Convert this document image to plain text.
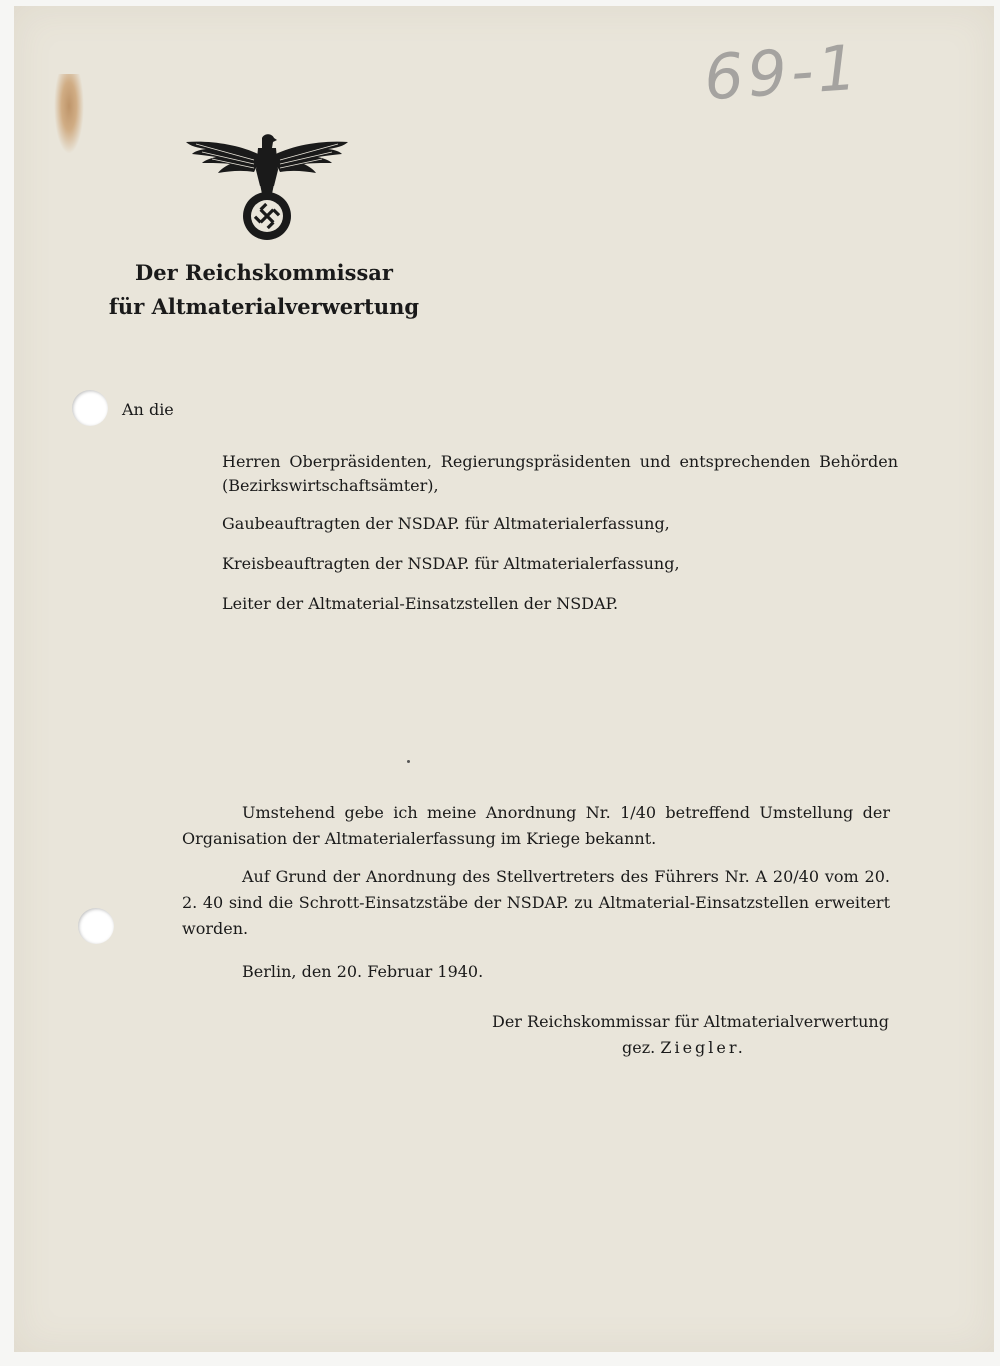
69-1
Der Reichskommissar
für Altmaterialverwertung
An die
Herren Oberpräsidenten, Regierungspräsidenten und entsprechenden Behörden (Bezirkswirtschaftsämter),
Gaubeauftragten der NSDAP. für Altmaterialerfassung,
Kreisbeauftragten der NSDAP. für Altmaterialerfassung,
Leiter der Altmaterial-Einsatzstellen der NSDAP.
Umstehend gebe ich meine Anordnung Nr. 1/40 betreffend Umstellung der Organisation der Altmaterialerfassung im Kriege bekannt.
Auf Grund der Anordnung des Stellvertreters des Führers Nr. A 20/40 vom 20. 2. 40 sind die Schrott-Einsatzstäbe der NSDAP. zu Altmaterial-Einsatzstellen erweitert worden.
Berlin, den 20. Februar 1940.
Der Reichskommissar für Altmaterialverwertung
gez. Ziegler.
